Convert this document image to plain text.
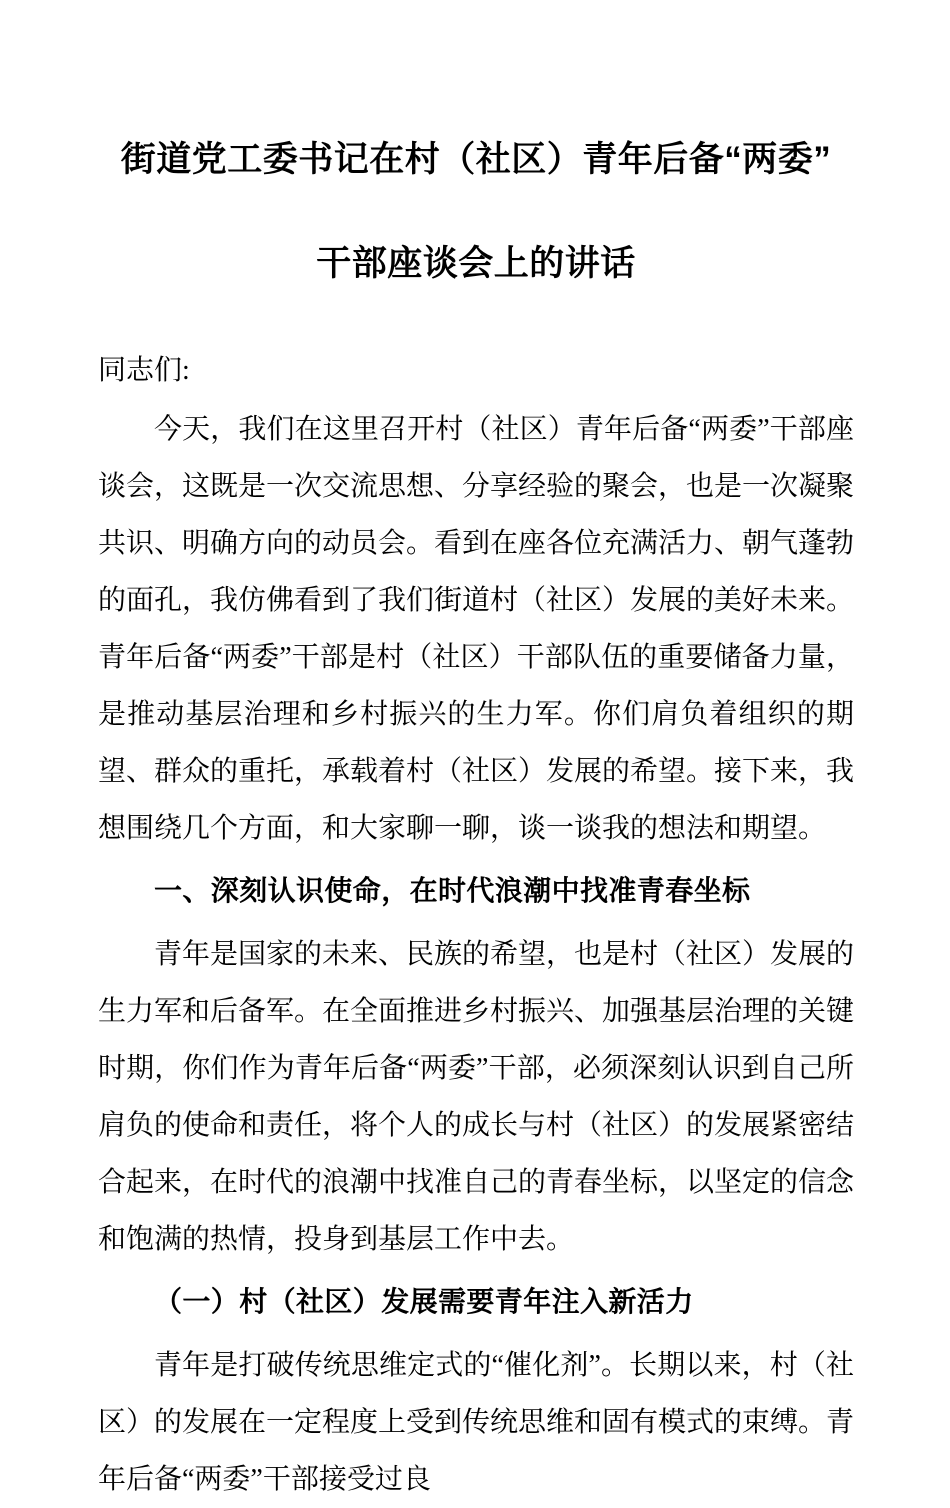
街道党工委书记在村（社区）青年后备“两委”
干部座谈会上的讲话

同志们:

今天，我们在这里召开村（社区）青年后备“两委”干部座谈会，这既是一次交流思想、分享经验的聚会，也是一次凝聚共识、明确方向的动员会。看到在座各位充满活力、朝气蓬勃的面孔，我仿佛看到了我们街道村（社区）发展的美好未来。青年后备“两委”干部是村（社区）干部队伍的重要储备力量，是推动基层治理和乡村振兴的生力军。你们肩负着组织的期望、群众的重托，承载着村（社区）发展的希望。接下来，我想围绕几个方面，和大家聊一聊，谈一谈我的想法和期望。

一、深刻认识使命，在时代浪潮中找准青春坐标

青年是国家的未来、民族的希望，也是村（社区）发展的生力军和后备军。在全面推进乡村振兴、加强基层治理的关键时期，你们作为青年后备“两委”干部，必须深刻认识到自己所肩负的使命和责任，将个人的成长与村（社区）的发展紧密结合起来，在时代的浪潮中找准自己的青春坐标，以坚定的信念和饱满的热情，投身到基层工作中去。

（一）村（社区）发展需要青年注入新活力

青年是打破传统思维定式的“催化剂”。长期以来，村（社区）的发展在一定程度上受到传统思维和固有模式的束缚。青年后备“两委”干部接受过良
